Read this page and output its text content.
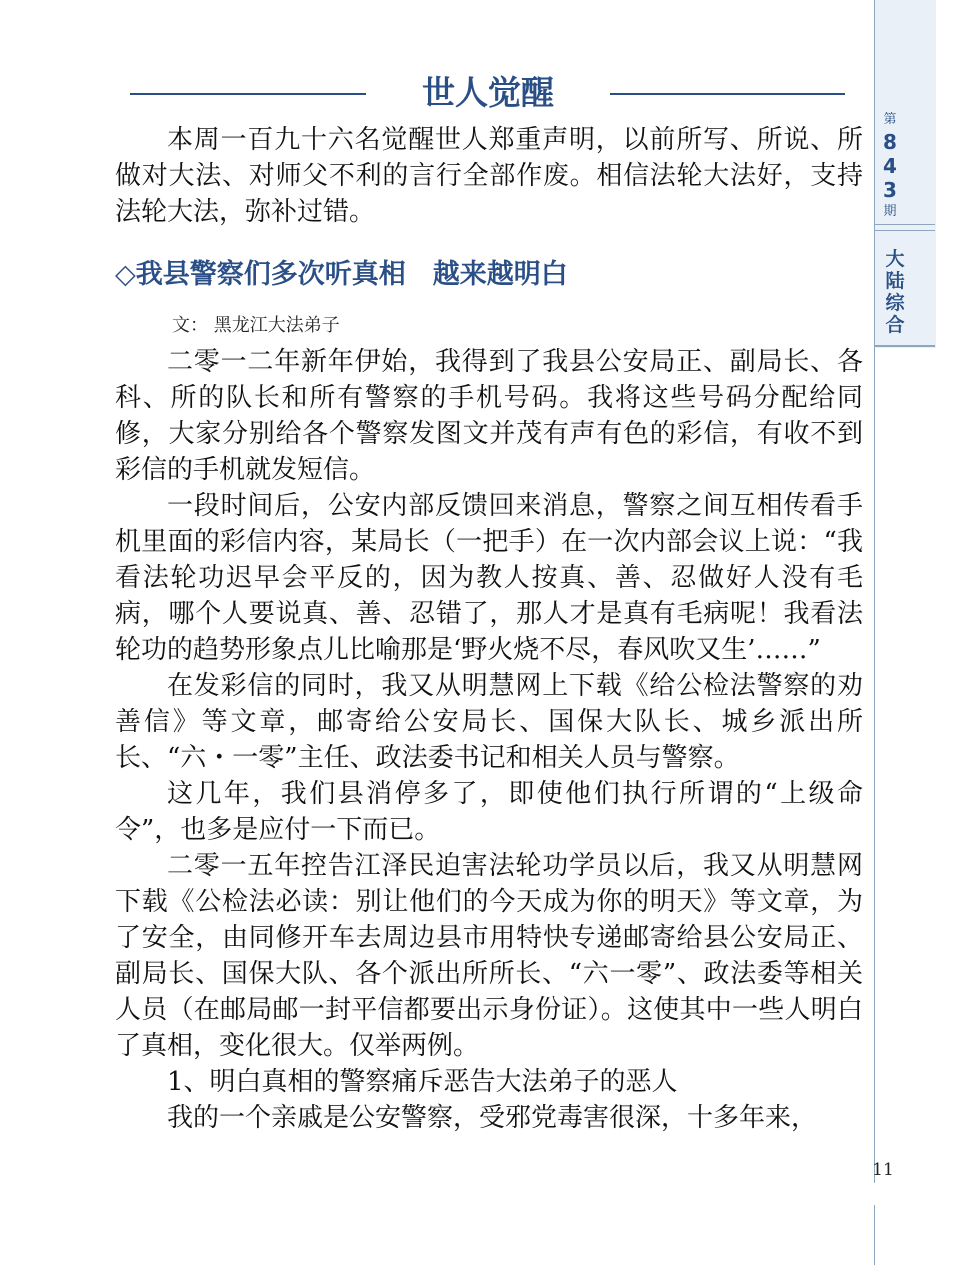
第
8
4
3
期
大
陆
综
合
11
世人觉醒

本周一百九十六名觉醒世人郑重声明，以前所写、所说、所做对大法、对师父不利的言行全部作废。相信法轮大法好，支持法轮大法，弥补过错。

◇我县警察们多次听真相　越来越明白
文： 黑龙江大法弟子

二零一二年新年伊始，我得到了我县公安局正、副局长、各科、所的队长和所有警察的手机号码。我将这些号码分配给同修，大家分别给各个警察发图文并茂有声有色的彩信，有收不到彩信的手机就发短信。

一段时间后，公安内部反馈回来消息，警察之间互相传看手机里面的彩信内容，某局长（一把手）在一次内部会议上说：“我看法轮功迟早会平反的，因为教人按真、善、忍做好人没有毛病，哪个人要说真、善、忍错了，那人才是真有毛病呢！我看法轮功的趋势形象点儿比喻那是‘野火烧不尽，春风吹又生’……”

在发彩信的同时，我又从明慧网上下载《给公检法警察的劝善信》等文章，邮寄给公安局长、国保大队长、城乡派出所长、“六・一零”主任、政法委书记和相关人员与警察。

这几年，我们县消停多了，即使他们执行所谓的“上级命令”，也多是应付一下而已。

二零一五年控告江泽民迫害法轮功学员以后，我又从明慧网下载《公检法必读：别让他们的今天成为你的明天》等文章，为了安全，由同修开车去周边县市用特快专递邮寄给县公安局正、副局长、国保大队、各个派出所所长、“六一零”、政法委等相关人员（在邮局邮一封平信都要出示身份证）。这使其中一些人明白了真相，变化很大。仅举两例。

1、明白真相的警察痛斥恶告大法弟子的恶人

我的一个亲戚是公安警察，受邪党毒害很深，十多年来，
